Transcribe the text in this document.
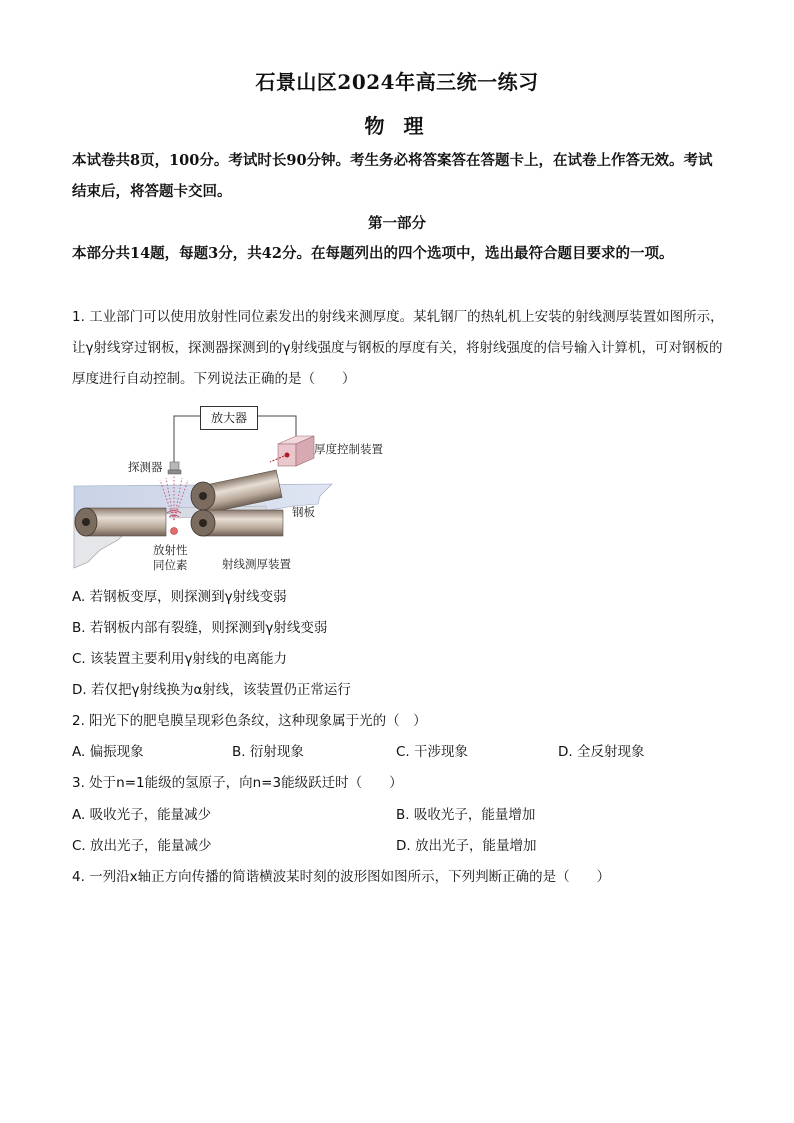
石景山区2024年高三统一练习
物 理
本试卷共8页，100分。考试时长90分钟。考生务必将答案答在答题卡上，在试卷上作答无效。考试结束后，将答题卡交回。
第一部分
本部分共14题，每题3分，共42分。在每题列出的四个选项中，选出最符合题目要求的一项。
1. 工业部门可以使用放射性同位素发出的射线来测厚度。某轧钢厂的热轧机上安装的射线测厚装置如图所示，让γ射线穿过钢板，探测器探测到的γ射线强度与钢板的厚度有关，将射线强度的信号输入计算机，可对钢板的厚度进行自动控制。下列说法正确的是（　　）
放大器
厚度控制装置
探测器
钢板
放射性
同位素	射线测厚装置
A. 若钢板变厚，则探测到γ射线变弱
B. 若钢板内部有裂缝，则探测到γ射线变弱
C. 该装置主要利用γ射线的电离能力
D. 若仅把γ射线换为α射线，该装置仍正常运行
2. 阳光下的肥皂膜呈现彩色条纹，这种现象属于光的（　）
A. 偏振现象	B. 衍射现象	C. 干涉现象	D. 全反射现象
3. 处于n=1能级的氢原子，向n=3能级跃迁时（　　）
A. 吸收光子，能量减少	B. 吸收光子，能量增加
C. 放出光子，能量减少	D. 放出光子，能量增加
4. 一列沿x轴正方向传播的简谐横波某时刻的波形图如图所示，下列判断正确的是（　　）
